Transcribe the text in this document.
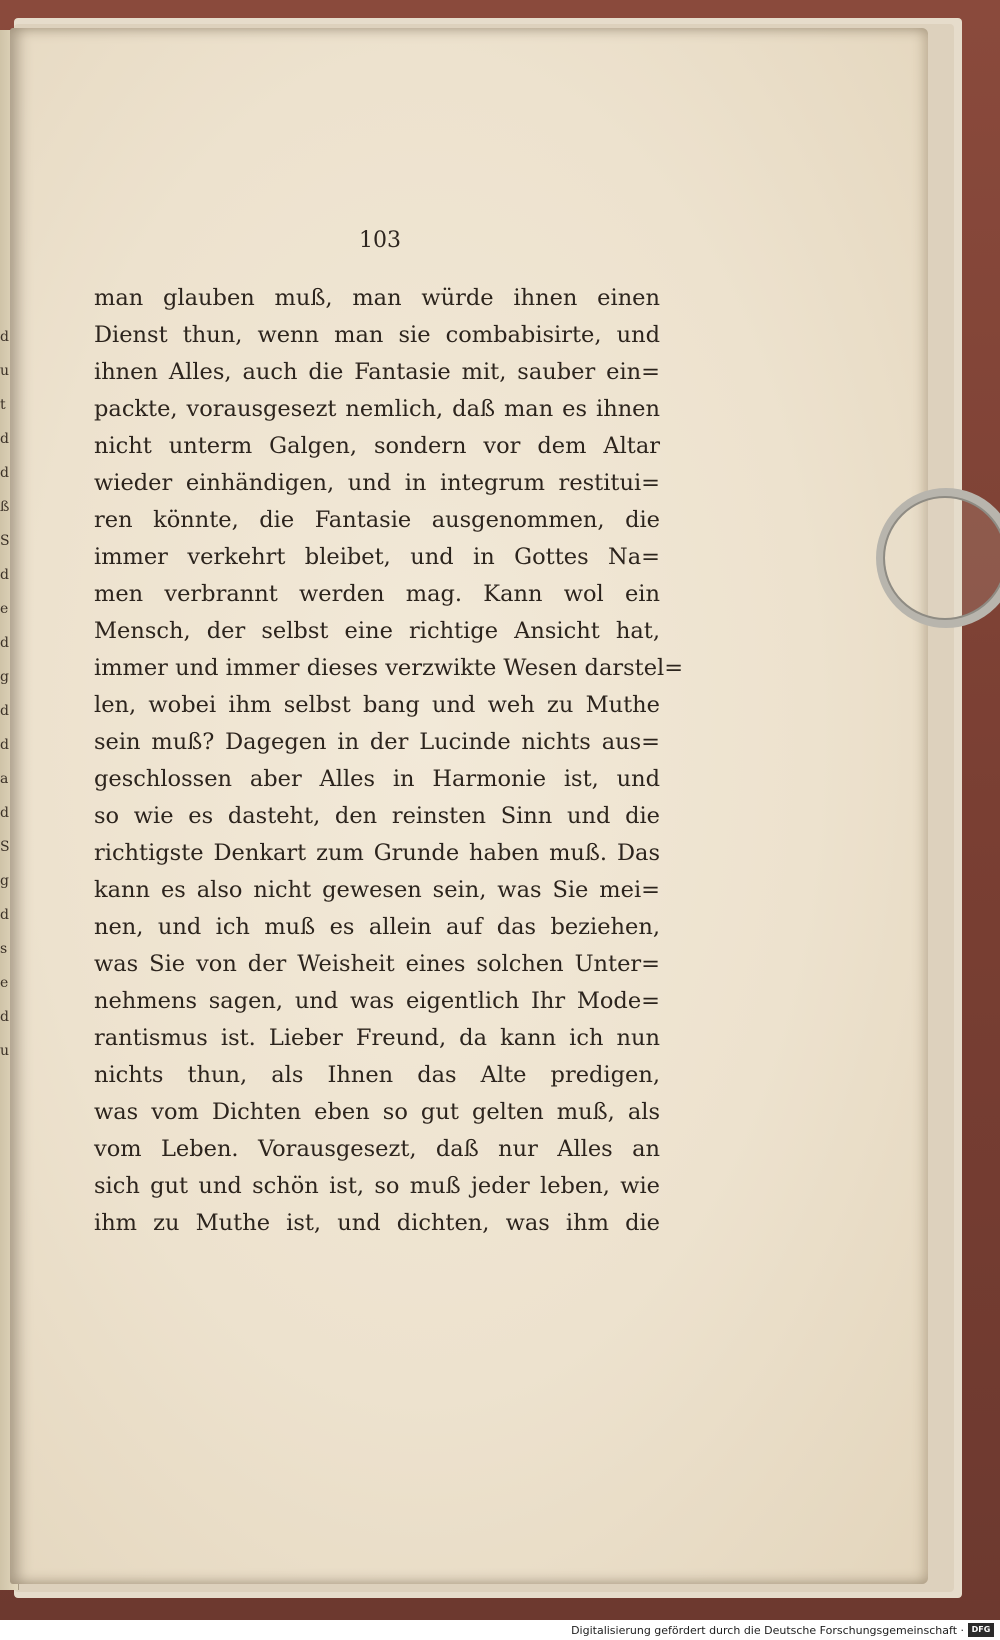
d
u
t
d
d
ß
S
d
e
d
g
d
d
a
d
S
g
d
s
e
d
u
103
man glauben muß, man würde ihnen einen
Dienst thun, wenn man sie combabisirte, und
ihnen Alles, auch die Fantasie mit, sauber ein=
packte, vorausgesezt nemlich, daß man es ihnen
nicht unterm Galgen, sondern vor dem Altar
wieder einhändigen, und in integrum restitui=
ren könnte, die Fantasie ausgenommen, die
immer verkehrt bleibet, und in Gottes Na=
men verbrannt werden mag. Kann wol ein
Mensch, der selbst eine richtige Ansicht hat,
immer und immer dieses verzwikte Wesen darstel=
len, wobei ihm selbst bang und weh zu Muthe
sein muß? Dagegen in der Lucinde nichts aus=
geschlossen aber Alles in Harmonie ist, und
so wie es dasteht, den reinsten Sinn und die
richtigste Denkart zum Grunde haben muß. Das
kann es also nicht gewesen sein, was Sie mei=
nen, und ich muß es allein auf das beziehen,
was Sie von der Weisheit eines solchen Unter=
nehmens sagen, und was eigentlich Ihr Mode=
rantismus ist. Lieber Freund, da kann ich nun
nichts thun, als Ihnen das Alte predigen,
was vom Dichten eben so gut gelten muß, als
vom Leben. Vorausgesezt, daß nur Alles an
sich gut und schön ist, so muß jeder leben, wie
ihm zu Muthe ist, und dichten, was ihm die
Digitalisierung gefördert durch die Deutsche Forschungsgemeinschaft · DFG
